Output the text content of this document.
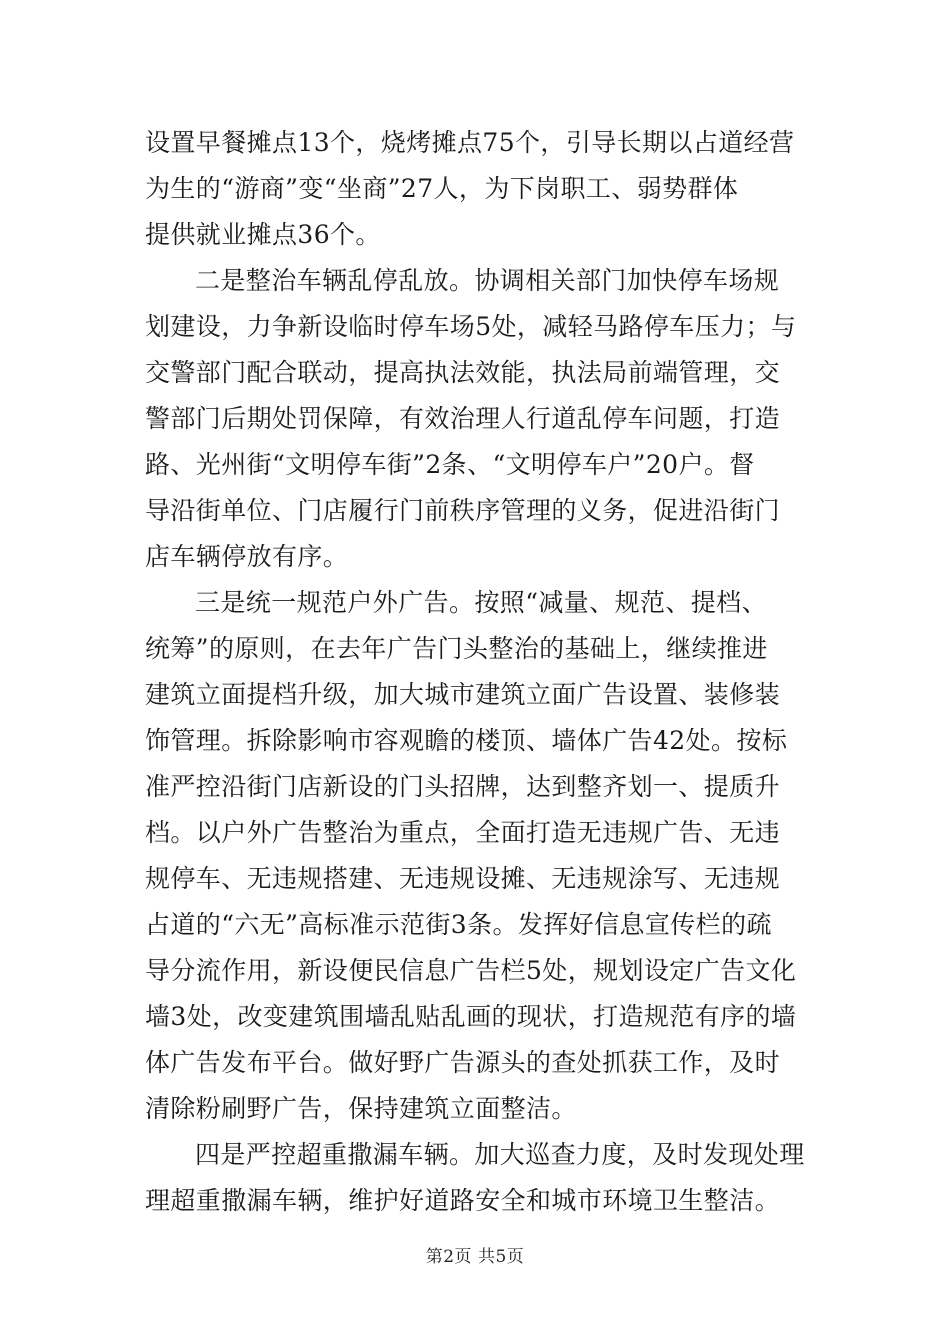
设置早餐摊点13个，烧烤摊点75个，引导长期以占道经营
为生的“游商”变“坐商”27人，为下岗职工、弱势群体
提供就业摊点36个。
二是整治车辆乱停乱放。协调相关部门加快停车场规
划建设，力争新设临时停车场5处，减轻马路停车压力；与
交警部门配合联动，提高执法效能，执法局前端管理，交
警部门后期处罚保障，有效治理人行道乱停车问题，打造
路、光州街“文明停车街”2条、“文明停车户”20户。督
导沿街单位、门店履行门前秩序管理的义务，促进沿街门
店车辆停放有序。
三是统一规范户外广告。按照“减量、规范、提档、
统筹”的原则，在去年广告门头整治的基础上，继续推进
建筑立面提档升级，加大城市建筑立面广告设置、装修装
饰管理。拆除影响市容观瞻的楼顶、墙体广告42处。按标
准严控沿街门店新设的门头招牌，达到整齐划一、提质升
档。以户外广告整治为重点，全面打造无违规广告、无违
规停车、无违规搭建、无违规设摊、无违规涂写、无违规
占道的“六无”高标准示范街3条。发挥好信息宣传栏的疏
导分流作用，新设便民信息广告栏5处，规划设定广告文化
墙3处，改变建筑围墙乱贴乱画的现状，打造规范有序的墙
体广告发布平台。做好野广告源头的查处抓获工作，及时
清除粉刷野广告，保持建筑立面整洁。
四是严控超重撒漏车辆。加大巡查力度，及时发现处理
理超重撒漏车辆，维护好道路安全和城市环境卫生整洁。
第2页 共5页
